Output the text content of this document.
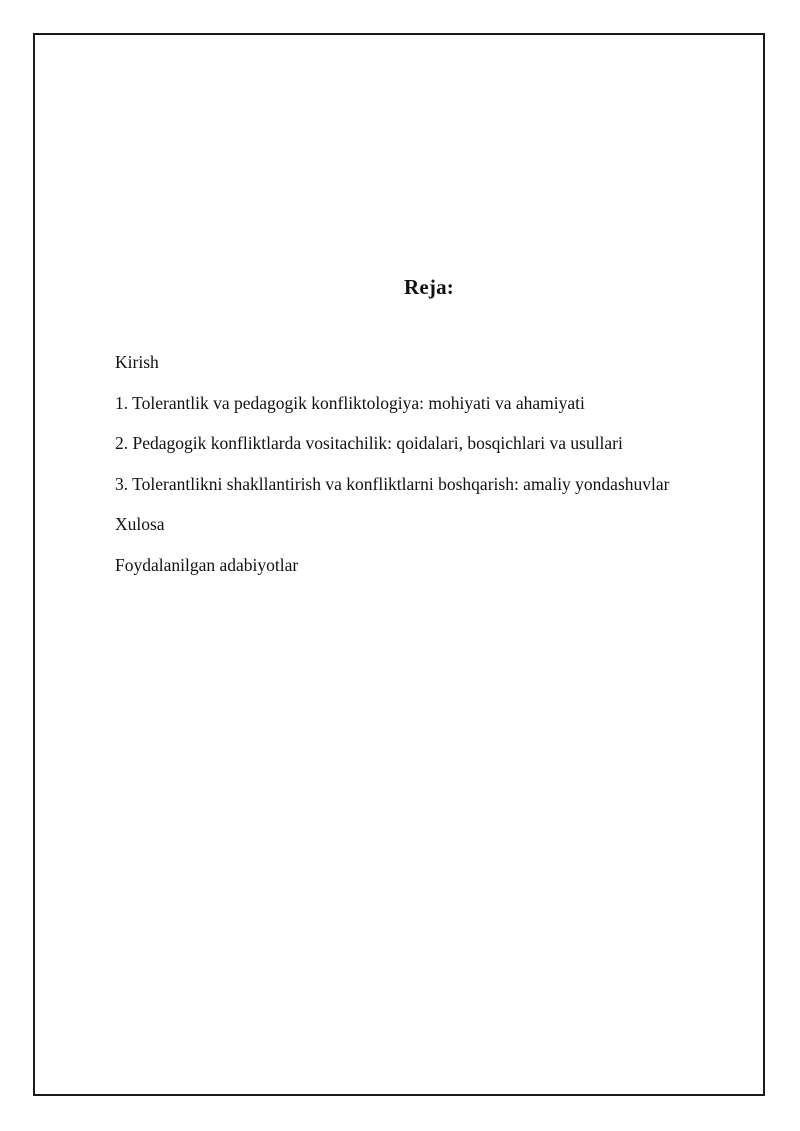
Reja:
Kirish
1. Tolerantlik va pedagogik konfliktologiya: mohiyati va ahamiyati
2. Pedagogik konfliktlarda vositachilik: qoidalari, bosqichlari va usullari
3. Tolerantlikni shakllantirish va konfliktlarni boshqarish: amaliy yondashuvlar
Xulosa
Foydalanilgan adabiyotlar
